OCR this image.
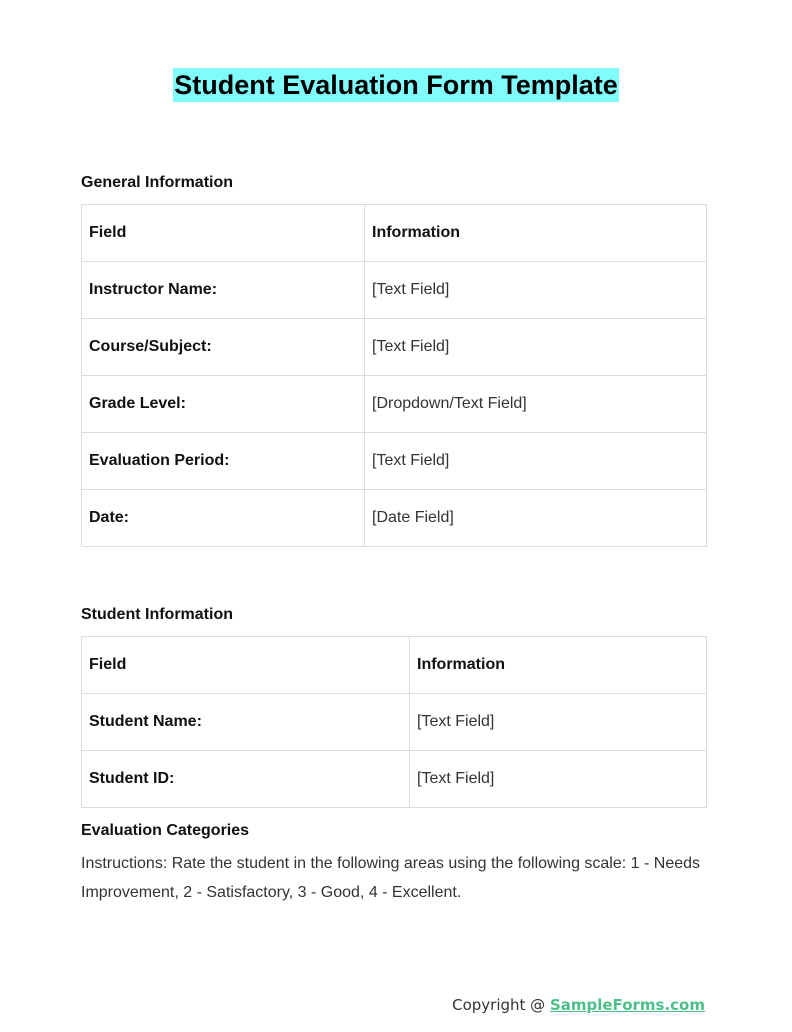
Student Evaluation Form Template
General Information
Field	Information
Instructor Name:	[Text Field]
Course/Subject:	[Text Field]
Grade Level:	[Dropdown/Text Field]
Evaluation Period:	[Text Field]
Date:	[Date Field]
Student Information
Field	Information
Student Name:	[Text Field]
Student ID:	[Text Field]
Evaluation Categories
Instructions: Rate the student in the following areas using the following scale: 1 - Needs Improvement, 2 - Satisfactory, 3 - Good, 4 - Excellent.
Copyright @ SampleForms.com
